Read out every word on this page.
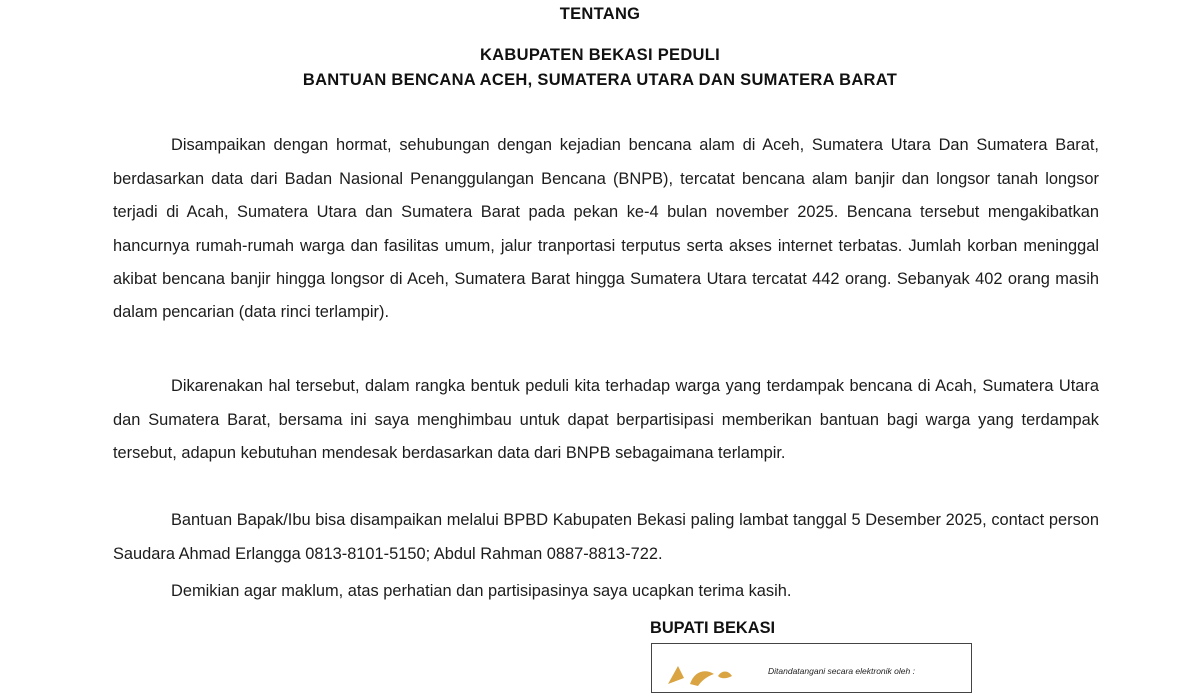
TENTANG
KABUPATEN BEKASI PEDULI
BANTUAN BENCANA ACEH, SUMATERA UTARA DAN SUMATERA BARAT

Disampaikan dengan hormat, sehubungan dengan kejadian bencana alam di Aceh, Sumatera Utara Dan Sumatera Barat, berdasarkan data dari Badan Nasional Penanggulangan Bencana (BNPB), tercatat bencana alam banjir dan longsor tanah longsor terjadi di Acah, Sumatera Utara dan Sumatera Barat pada pekan ke-4 bulan november 2025. Bencana tersebut mengakibatkan hancurnya rumah-rumah warga dan fasilitas umum, jalur tranportasi terputus serta akses internet terbatas. Jumlah korban meninggal akibat bencana banjir hingga longsor di Aceh, Sumatera Barat hingga Sumatera Utara tercatat 442 orang. Sebanyak 402 orang masih dalam pencarian (data rinci terlampir).

Dikarenakan hal tersebut, dalam rangka bentuk peduli kita terhadap warga yang terdampak bencana di Acah, Sumatera Utara dan Sumatera Barat, bersama ini saya menghimbau untuk dapat berpartisipasi memberikan bantuan bagi warga yang terdampak tersebut, adapun kebutuhan mendesak berdasarkan data dari BNPB sebagaimana terlampir.

Bantuan Bapak/Ibu bisa disampaikan melalui BPBD Kabupaten Bekasi paling lambat tanggal 5 Desember 2025, contact person Saudara Ahmad Erlangga 0813-8101-5150; Abdul Rahman 0887-8813-722.

Demikian agar maklum, atas perhatian dan partisipasinya saya ucapkan terima kasih.

BUPATI BEKASI
Ditandatangani secara elektronik oleh :
